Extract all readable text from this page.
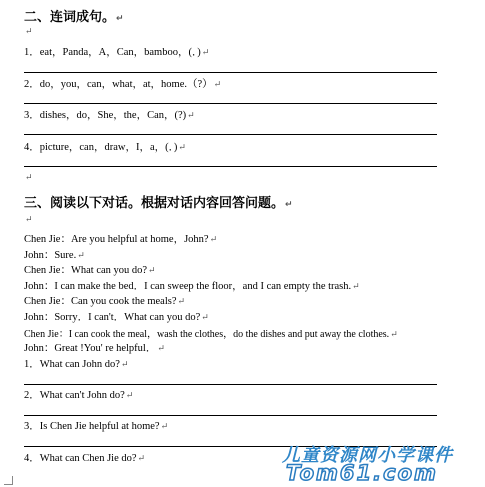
二、连词成句。↵
↵
1．eat，Panda，A，Can，bamboo，(．)↵
2．do，you，can，what，at，home.（?）↵
3．dishes，do，She，the，Can，(?)↵
4．picture，can，draw，I，a，(．)↵
↵
三、阅读以下对话。根据对话内容回答问题。↵
↵
Chen Jie：Are you helpful at home，John?↵
John：Sure.↵
Chen Jie：What can you do?↵
John：I can make the bed．I can sweep the floor，and I can empty the trash.↵
Chen Jie：Can you cook the meals?↵
John：Sorry．I can't．What can you do?↵
Chen Jie：I can cook the meal，wash the clothes，do the dishes and put away the clothes.↵
John：Great !You' re helpful．↵
1．What can John do?↵
2．What can't John do?↵
3．Is Chen Jie helpful at home?↵
4．What can Chen Jie do?↵	儿童资源网小学课件
Tom61.com
